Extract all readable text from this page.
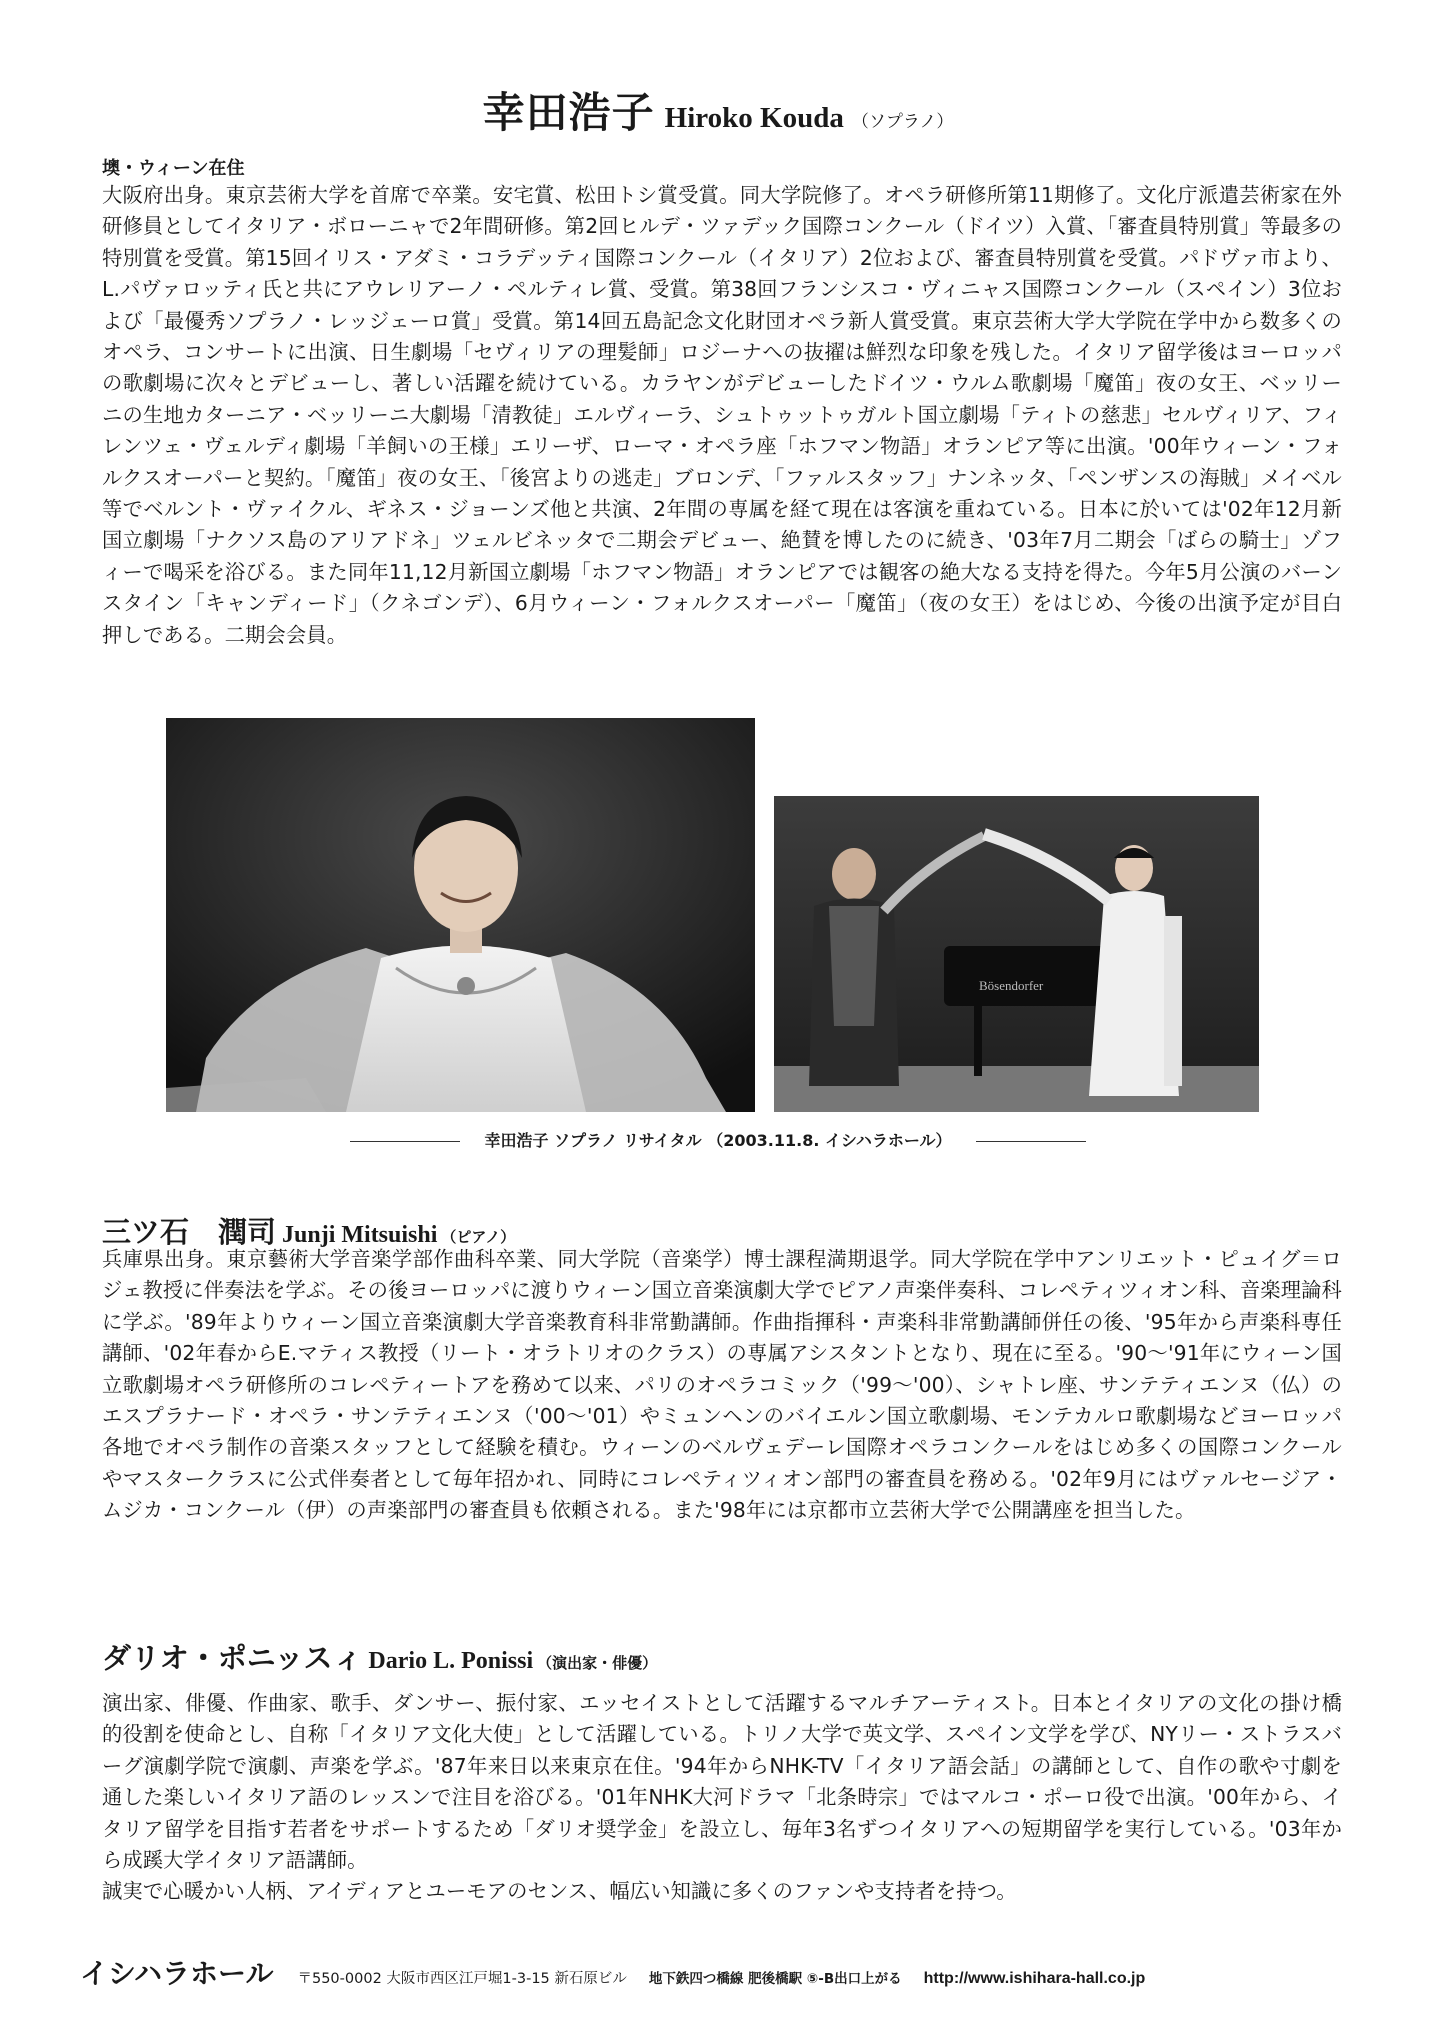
幸田浩子 Hiroko Kouda （ソプラノ）
墺・ウィーン在住

大阪府出身。東京芸術大学を首席で卒業。安宅賞、松田トシ賞受賞。同大学院修了。オペラ研修所第11期修了。文化庁派遣芸術家在外研修員としてイタリア・ボローニャで2年間研修。第2回ヒルデ・ツァデック国際コンクール（ドイツ）入賞、「審査員特別賞」等最多の特別賞を受賞。第15回イリス・アダミ・コラデッティ国際コンクール（イタリア）2位および、審査員特別賞を受賞。パドヴァ市より、L.パヴァロッティ氏と共にアウレリアーノ・ペルティレ賞、受賞。第38回フランシスコ・ヴィニャス国際コンクール（スペイン）3位および「最優秀ソプラノ・レッジェーロ賞」受賞。第14回五島記念文化財団オペラ新人賞受賞。東京芸術大学大学院在学中から数多くのオペラ、コンサートに出演、日生劇場「セヴィリアの理髪師」ロジーナへの抜擢は鮮烈な印象を残した。イタリア留学後はヨーロッパの歌劇場に次々とデビューし、著しい活躍を続けている。カラヤンがデビューしたドイツ・ウルム歌劇場「魔笛」夜の女王、ベッリーニの生地カターニア・ベッリーニ大劇場「清教徒」エルヴィーラ、シュトゥットゥガルト国立劇場「ティトの慈悲」セルヴィリア、フィレンツェ・ヴェルディ劇場「羊飼いの王様」エリーザ、ローマ・オペラ座「ホフマン物語」オランピア等に出演。'00年ウィーン・フォルクスオーパーと契約。「魔笛」夜の女王、「後宮よりの逃走」ブロンデ、「ファルスタッフ」ナンネッタ、「ペンザンスの海賊」メイベル等でベルント・ヴァイクル、ギネス・ジョーンズ他と共演、2年間の専属を経て現在は客演を重ねている。日本に於いては'02年12月新国立劇場「ナクソス島のアリアドネ」ツェルビネッタで二期会デビュー、絶賛を博したのに続き、'03年7月二期会「ばらの騎士」ゾフィーで喝采を浴びる。また同年11,12月新国立劇場「ホフマン物語」オランピアでは観客の絶大なる支持を得た。今年5月公演のバーンスタイン「キャンディード」（クネゴンデ）、6月ウィーン・フォルクスオーパー「魔笛」（夜の女王）をはじめ、今後の出演予定が目白押しである。二期会会員。

Bösendorfer
幸田浩子 ソプラノ リサイタル （2003.11.8. イシハラホール）
三ツ石　潤司 Junji Mitsuishi （ピアノ）

兵庫県出身。東京藝術大学音楽学部作曲科卒業、同大学院（音楽学）博士課程満期退学。同大学院在学中アンリエット・ピュイグ＝ロジェ教授に伴奏法を学ぶ。その後ヨーロッパに渡りウィーン国立音楽演劇大学でピアノ声楽伴奏科、コレペティツィオン科、音楽理論科に学ぶ。'89年よりウィーン国立音楽演劇大学音楽教育科非常勤講師。作曲指揮科・声楽科非常勤講師併任の後、'95年から声楽科専任講師、'02年春からE.マティス教授（リート・オラトリオのクラス）の専属アシスタントとなり、現在に至る。'90〜'91年にウィーン国立歌劇場オペラ研修所のコレペティートアを務めて以来、パリのオペラコミック（'99〜'00）、シャトレ座、サンテティエンヌ（仏）のエスプラナード・オペラ・サンテティエンヌ（'00〜'01）やミュンヘンのバイエルン国立歌劇場、モンテカルロ歌劇場などヨーロッパ各地でオペラ制作の音楽スタッフとして経験を積む。ウィーンのベルヴェデーレ国際オペラコンクールをはじめ多くの国際コンクールやマスタークラスに公式伴奏者として毎年招かれ、同時にコレペティツィオン部門の審査員を務める。'02年9月にはヴァルセージア・ムジカ・コンクール（伊）の声楽部門の審査員も依頼される。また'98年には京都市立芸術大学で公開講座を担当した。

ダリオ・ポニッスィ Dario L. Ponissi （演出家・俳優）
演出家、俳優、作曲家、歌手、ダンサー、振付家、エッセイストとして活躍するマルチアーティスト。日本とイタリアの文化の掛け橋的役割を使命とし、自称「イタリア文化大使」として活躍している。トリノ大学で英文学、スペイン文学を学び、NYリー・ストラスバーグ演劇学院で演劇、声楽を学ぶ。'87年来日以来東京在住。'94年からNHK-TV「イタリア語会話」の講師として、自作の歌や寸劇を通した楽しいイタリア語のレッスンで注目を浴びる。'01年NHK大河ドラマ「北条時宗」ではマルコ・ポーロ役で出演。'00年から、イタリア留学を目指す若者をサポートするため「ダリオ奨学金」を設立し、毎年3名ずつイタリアへの短期留学を実行している。'03年から成蹊大学イタリア語講師。
誠実で心暖かい人柄、アイディアとユーモアのセンス、幅広い知識に多くのファンや支持者を持つ。
イシハラホール 〒550-0002 大阪市西区江戸堀1-3-15 新石原ビル 地下鉄四つ橋線 肥後橋駅 ⑤-B出口上がる http://www.ishihara-hall.co.jp
